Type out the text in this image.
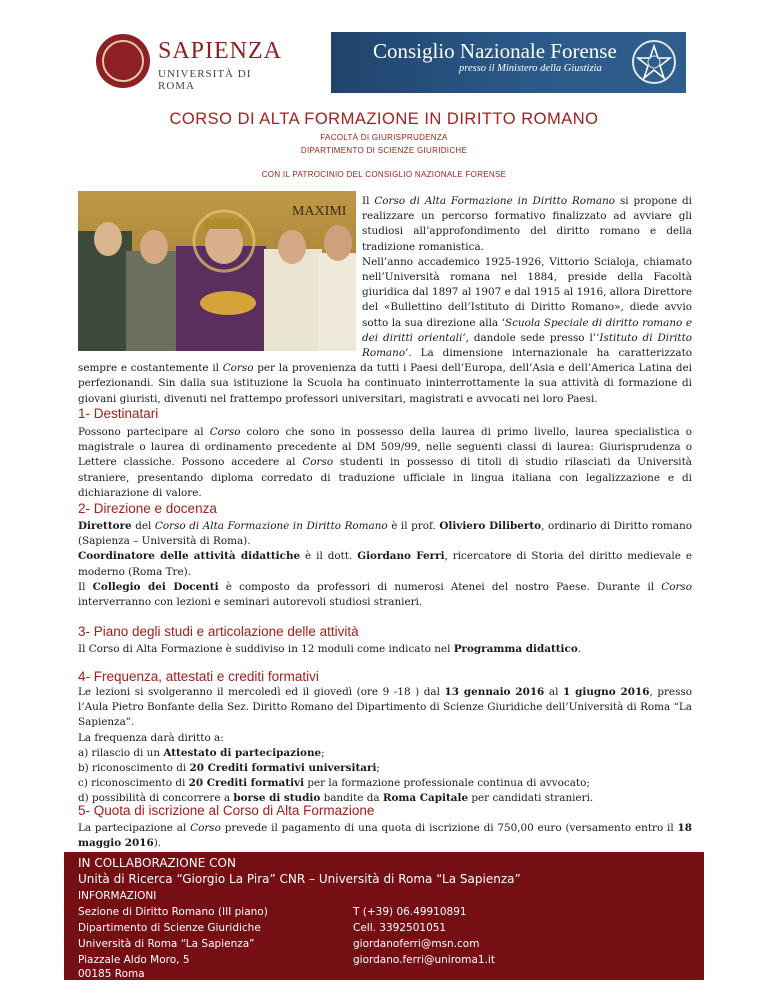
SAPIENZA
UNIVERSITÀ DI ROMA
Consiglio Nazionale Forense
presso il Ministero della Giustizia
CORSO DI ALTA FORMAZIONE IN DIRITTO ROMANO
FACOLTÀ DI GIURISPRUDENZA
DIPARTIMENTO DI SCIENZE GIURIDICHE
CON IL PATROCINIO DEL CONSIGLIO NAZIONALE FORENSE
MAXIMI
Il Corso di Alta Formazione in Diritto Romano si propone di realizzare un percorso formativo finalizzato ad avviare gli studiosi all’approfondimento del diritto romano e della tradizione romanistica.
Nell’anno accademico 1925-1926, Vittorio Scialoja, chiamato nell’Università romana nel 1884, preside della Facoltà giuridica dal 1897 al 1907 e dal 1915 al 1916, allora Direttore del «Bullettino dell’Istituto di Diritto Romano», diede avvio sotto la sua direzione alla ‘Scuola Speciale di diritto romano e dei diritti orientali’, dandole sede presso l’‘Istituto di Diritto Romano’. La dimensione internazionale ha caratterizzato sempre e costantemente il Corso per la provenienza da tutti i Paesi dell’Europa, dell’Asia e dell’America Latina dei perfezionandi. Sin dalla sua istituzione la Scuola ha continuato ininterrottamente la sua attività di formazione di giovani giuristi, divenuti nel frattempo professori universitari, magistrati e avvocati nei loro Paesi.
1- Destinatari
Possono partecipare al Corso coloro che sono in possesso della laurea di primo livello, laurea specialistica o magistrale o laurea di ordinamento precedente al DM 509/99, nelle seguenti classi di laurea: Giurisprudenza o Lettere classiche. Possono accedere al Corso studenti in possesso di titoli di studio rilasciati da Università straniere, presentando diploma corredato di traduzione ufficiale in lingua italiana con legalizzazione e di dichiarazione di valore.
2- Direzione e docenza
Direttore del Corso di Alta Formazione in Diritto Romano è il prof. Oliviero Diliberto, ordinario di Diritto romano (Sapienza – Università di Roma).
Coordinatore delle attività didattiche è il dott. Giordano Ferri, ricercatore di Storia del diritto medievale e moderno (Roma Tre).
Il Collegio dei Docenti è composto da professori di numerosi Atenei del nostro Paese. Durante il Corso interverranno con lezioni e seminari autorevoli studiosi stranieri.
3- Piano degli studi e articolazione delle attività
Il Corso di Alta Formazione è suddiviso in 12 moduli come indicato nel Programma didattico.
4- Frequenza, attestati e crediti formativi
Le lezioni si svolgeranno il mercoledì ed il giovedì (ore 9 -18 ) dal 13 gennaio 2016 al 1 giugno 2016, presso l’Aula Pietro Bonfante della Sez. Diritto Romano del Dipartimento di Scienze Giuridiche dell’Università di Roma “La Sapienza”.
La frequenza darà diritto a:
a) rilascio di un Attestato di partecipazione;
b) riconoscimento di 20 Crediti formativi universitari;
c) riconoscimento di 20 Crediti formativi per la formazione professionale continua di avvocato;
d) possibilità di concorrere a borse di studio bandite da Roma Capitale per candidati stranieri.
5- Quota di iscrizione al Corso di Alta Formazione
La partecipazione al Corso prevede il pagamento di una quota di iscrizione di 750,00 euro (versamento entro il 18 maggio 2016).
IN COLLABORAZIONE CON
Unità di Ricerca “Giorgio La Pira” CNR – Università di Roma “La Sapienza”
INFORMAZIONI
Sezione di Diritto Romano (III piano)
Dipartimento di Scienze Giuridiche
Università di Roma “La Sapienza”
Piazzale Aldo Moro, 5
00185 Roma
T (+39) 06.49910891
Cell. 3392501051
giordanoferri@msn.com
giordano.ferri@uniroma1.it
